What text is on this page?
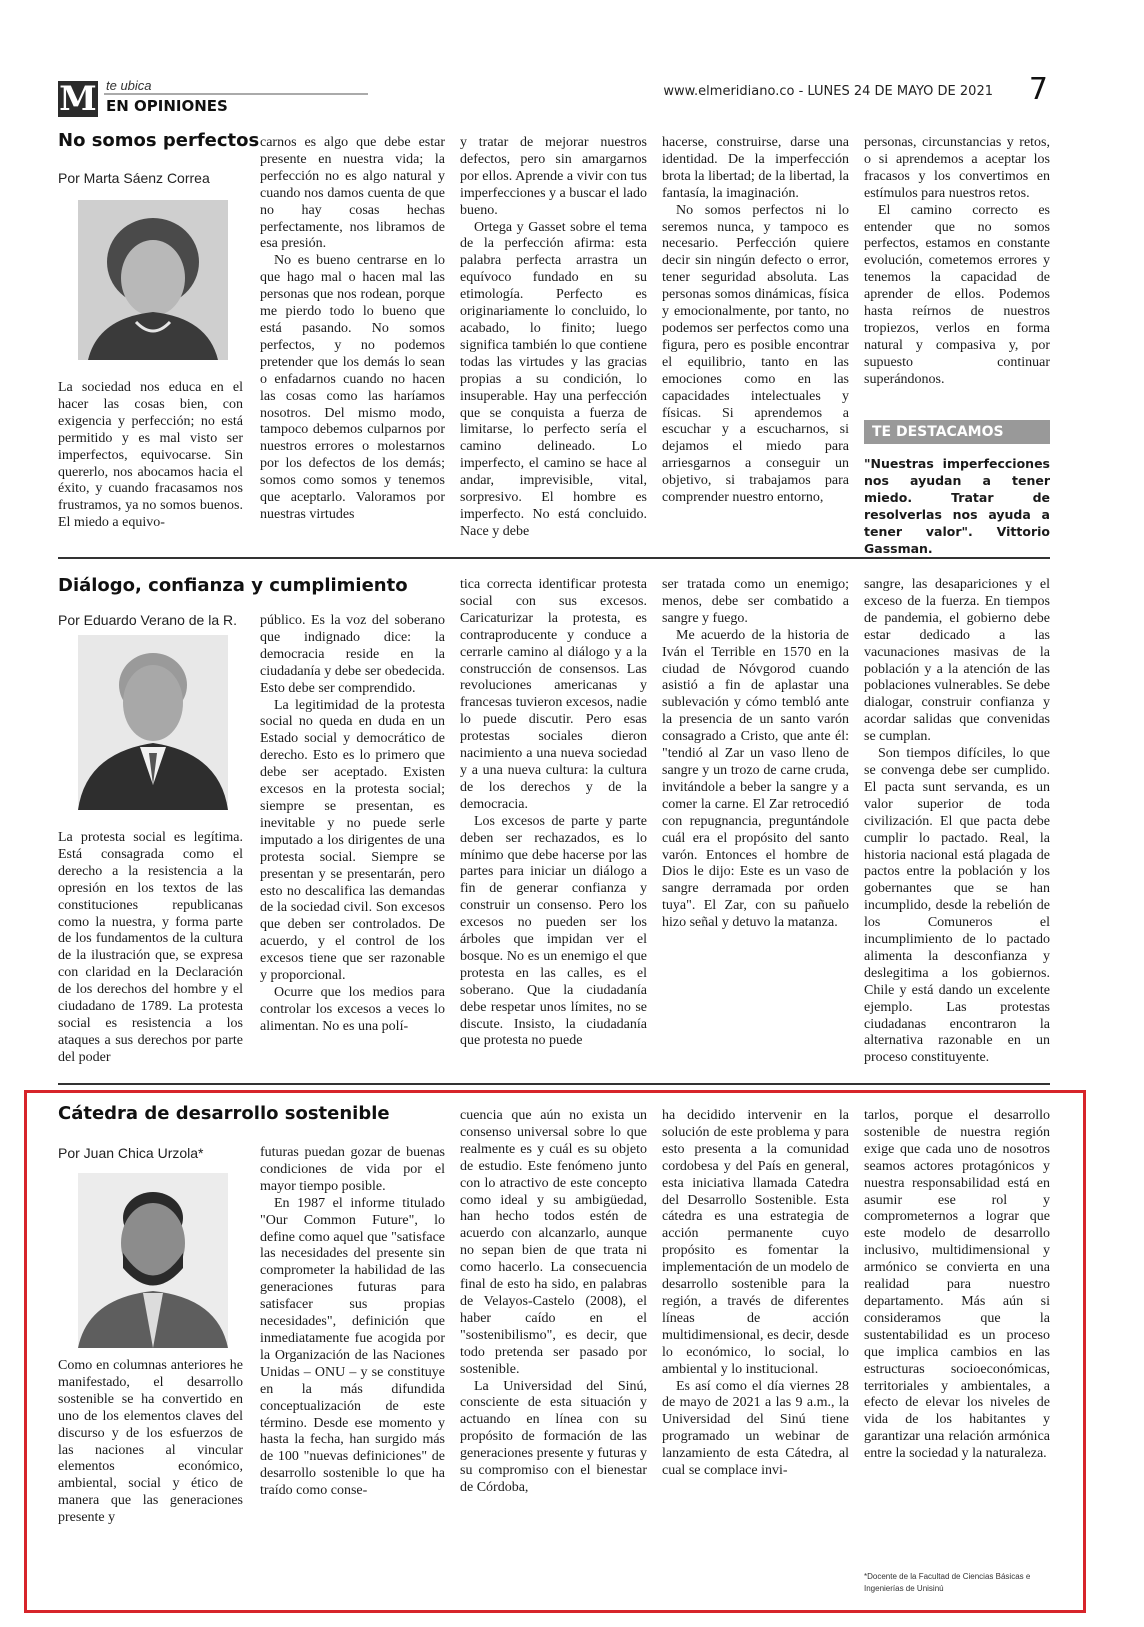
M te ubica
EN OPINIONES
www.elmeridiano.co - LUNES 24 DE MAYO DE 2021 7
No somos perfectos
Por Marta Sáenz Correa

La sociedad nos educa en el hacer las cosas bien, con exigencia y perfección; no está permitido y es mal visto ser imperfectos, equivocarse. Sin quererlo, nos abocamos hacia el éxito, y cuando fracasamos nos frustramos, ya no somos buenos. El miedo a equivo-

carnos es algo que debe estar presente en nuestra vida; la perfección no es algo natural y cuando nos damos cuenta de que no hay cosas hechas perfectamente, nos libramos de esa presión.

No es bueno centrarse en lo que hago mal o hacen mal las personas que nos rodean, porque me pierdo todo lo bueno que está pasando. No somos perfectos, y no podemos pretender que los demás lo sean o enfadarnos cuando no hacen las cosas como las haríamos nosotros. Del mismo modo, tampoco debemos culparnos por nuestros errores o molestarnos por los defectos de los demás; somos como somos y tenemos que aceptarlo. Valoramos por nuestras virtudes

y tratar de mejorar nuestros defectos, pero sin amargarnos por ellos. Aprende a vivir con tus imperfecciones y a buscar el lado bueno.

Ortega y Gasset sobre el tema de la perfección afirma: esta palabra perfecta arrastra un equívoco fundado en su etimología. Perfecto es originariamente lo concluido, lo acabado, lo finito; luego significa también lo que contiene todas las virtudes y las gracias propias a su condición, lo insuperable. Hay una perfección que se conquista a fuerza de limitarse, lo perfecto sería el camino delineado. Lo imperfecto, el camino se hace al andar, imprevisible, vital, sorpresivo. El hombre es imperfecto. No está concluido. Nace y debe

hacerse, construirse, darse una identidad. De la imperfección brota la libertad; de la libertad, la fantasía, la imaginación.

No somos perfectos ni lo seremos nunca, y tampoco es necesario. Perfección quiere decir sin ningún defecto o error, tener seguridad absoluta. Las personas somos dinámicas, física y emocionalmente, por tanto, no podemos ser perfectos como una figura, pero es posible encontrar el equilibrio, tanto en las emociones como en las capacidades intelectuales y físicas. Si aprendemos a escuchar y a escucharnos, si dejamos el miedo para arriesgarnos a conseguir un objetivo, si trabajamos para comprender nuestro entorno,

personas, circunstancias y retos, o si aprendemos a aceptar los fracasos y los convertimos en estímulos para nuestros retos.

El camino correcto es entender que no somos perfectos, estamos en constante evolución, cometemos errores y tenemos la capacidad de aprender de ellos. Podemos hasta reírnos de nuestros tropiezos, verlos en forma natural y compasiva y, por supuesto continuar superándonos.

TE DESTACAMOS
"Nuestras imperfecciones nos ayudan a tener miedo. Tratar de resolverlas nos ayuda a tener valor". Vittorio Gassman.
Diálogo, confianza y cumplimiento
Por Eduardo Verano de la R.

La protesta social es legítima. Está consagrada como el derecho a la resistencia a la opresión en los textos de las constituciones republicanas como la nuestra, y forma parte de los fundamentos de la cultura de la ilustración que, se expresa con claridad en la Declaración de los derechos del hombre y el ciudadano de 1789. La protesta social es resistencia a los ataques a sus derechos por parte del poder

público. Es la voz del soberano que indignado dice: la democracia reside en la ciudadanía y debe ser obedecida. Esto debe ser comprendido.

La legitimidad de la protesta social no queda en duda en un Estado social y democrático de derecho. Esto es lo primero que debe ser aceptado. Existen excesos en la protesta social; siempre se presentan, es inevitable y no puede serle imputado a los dirigentes de una protesta social. Siempre se presentan y se presentarán, pero esto no descalifica las demandas de la sociedad civil. Son excesos que deben ser controlados. De acuerdo, y el control de los excesos tiene que ser razonable y proporcional.

Ocurre que los medios para controlar los excesos a veces lo alimentan. No es una polí-

tica correcta identificar protesta social con sus excesos. Caricaturizar la protesta, es contraproducente y conduce a cerrarle camino al diálogo y a la construcción de consensos. Las revoluciones americanas y francesas tuvieron excesos, nadie lo puede discutir. Pero esas protestas sociales dieron nacimiento a una nueva sociedad y a una nueva cultura: la cultura de los derechos y de la democracia.

Los excesos de parte y parte deben ser rechazados, es lo mínimo que debe hacerse por las partes para iniciar un diálogo a fin de generar confianza y construir un consenso. Pero los excesos no pueden ser los árboles que impidan ver el bosque. No es un enemigo el que protesta en las calles, es el soberano. Que la ciudadanía debe respetar unos límites, no se discute. Insisto, la ciudadanía que protesta no puede

ser tratada como un enemigo; menos, debe ser combatido a sangre y fuego.

Me acuerdo de la historia de Iván el Terrible en 1570 en la ciudad de Nóvgorod cuando asistió a fin de aplastar una sublevación y cómo tembló ante la presencia de un santo varón consagrado a Cristo, que ante él: "tendió al Zar un vaso lleno de sangre y un trozo de carne cruda, invitándole a beber la sangre y a comer la carne. El Zar retrocedió con repugnancia, preguntándole cuál era el propósito del santo varón. Entonces el hombre de Dios le dijo: Este es un vaso de sangre derramada por orden tuya". El Zar, con su pañuelo hizo señal y detuvo la matanza.

sangre, las desapariciones y el exceso de la fuerza. En tiempos de pandemia, el gobierno debe estar dedicado a las vacunaciones masivas de la población y a la atención de las poblaciones vulnerables. Se debe dialogar, construir confianza y acordar salidas que convenidas se cumplan.

Son tiempos difíciles, lo que se convenga debe ser cumplido. El pacta sunt servanda, es un valor superior de toda civilización. El que pacta debe cumplir lo pactado. Real, la historia nacional está plagada de pactos entre la población y los gobernantes que se han incumplido, desde la rebelión de los Comuneros el incumplimiento de lo pactado alimenta la desconfianza y deslegitima a los gobiernos. Chile y está dando un excelente ejemplo. Las protestas ciudadanas encontraron la alternativa razonable en un proceso constituyente.

Cátedra de desarrollo sostenible
Por Juan Chica Urzola*

Como en columnas anteriores he manifestado, el desarrollo sostenible se ha convertido en uno de los elementos claves del discurso y de los esfuerzos de las naciones al vincular elementos económico, ambiental, social y ético de manera que las generaciones presente y

futuras puedan gozar de buenas condiciones de vida por el mayor tiempo posible.

En 1987 el informe titulado "Our Common Future", lo define como aquel que "satisface las necesidades del presente sin comprometer la habilidad de las generaciones futuras para satisfacer sus propias necesidades", definición que inmediatamente fue acogida por la Organización de las Naciones Unidas – ONU – y se constituye en la más difundida conceptualización de este término. Desde ese momento y hasta la fecha, han surgido más de 100 "nuevas definiciones" de desarrollo sostenible lo que ha traído como conse-

cuencia que aún no exista un consenso universal sobre lo que realmente es y cuál es su objeto de estudio. Este fenómeno junto con lo atractivo de este concepto como ideal y su ambigüedad, han hecho todos estén de acuerdo con alcanzarlo, aunque no sepan bien de que trata ni como hacerlo. La consecuencia final de esto ha sido, en palabras de Velayos-Castelo (2008), el haber caído en el "sostenibilismo", es decir, que todo pretenda ser pasado por sostenible.

La Universidad del Sinú, consciente de esta situación y actuando en línea con su propósito de formación de las generaciones presente y futuras y su compromiso con el bienestar de Córdoba,

ha decidido intervenir en la solución de este problema y para esto presenta a la comunidad cordobesa y del País en general, esta iniciativa llamada Catedra del Desarrollo Sostenible. Esta cátedra es una estrategia de acción permanente cuyo propósito es fomentar la implementación de un modelo de desarrollo sostenible para la región, a través de diferentes líneas de acción multidimensional, es decir, desde lo económico, lo social, lo ambiental y lo institucional.

Es así como el día viernes 28 de mayo de 2021 a las 9 a.m., la Universidad del Sinú tiene programado un webinar de lanzamiento de esta Cátedra, al cual se complace invi-

tarlos, porque el desarrollo sostenible de nuestra región exige que cada uno de nosotros seamos actores protagónicos y nuestra responsabilidad está en asumir ese rol y comprometernos a lograr que este modelo de desarrollo inclusivo, multidimensional y armónico se convierta en una realidad para nuestro departamento. Más aún si consideramos que la sustentabilidad es un proceso que implica cambios en las estructuras socioeconómicas, territoriales y ambientales, a efecto de elevar los niveles de vida de los habitantes y garantizar una relación armónica entre la sociedad y la naturaleza.

*Docente de la Facultad de Ciencias Básicas e Ingenierías de Unisinú
